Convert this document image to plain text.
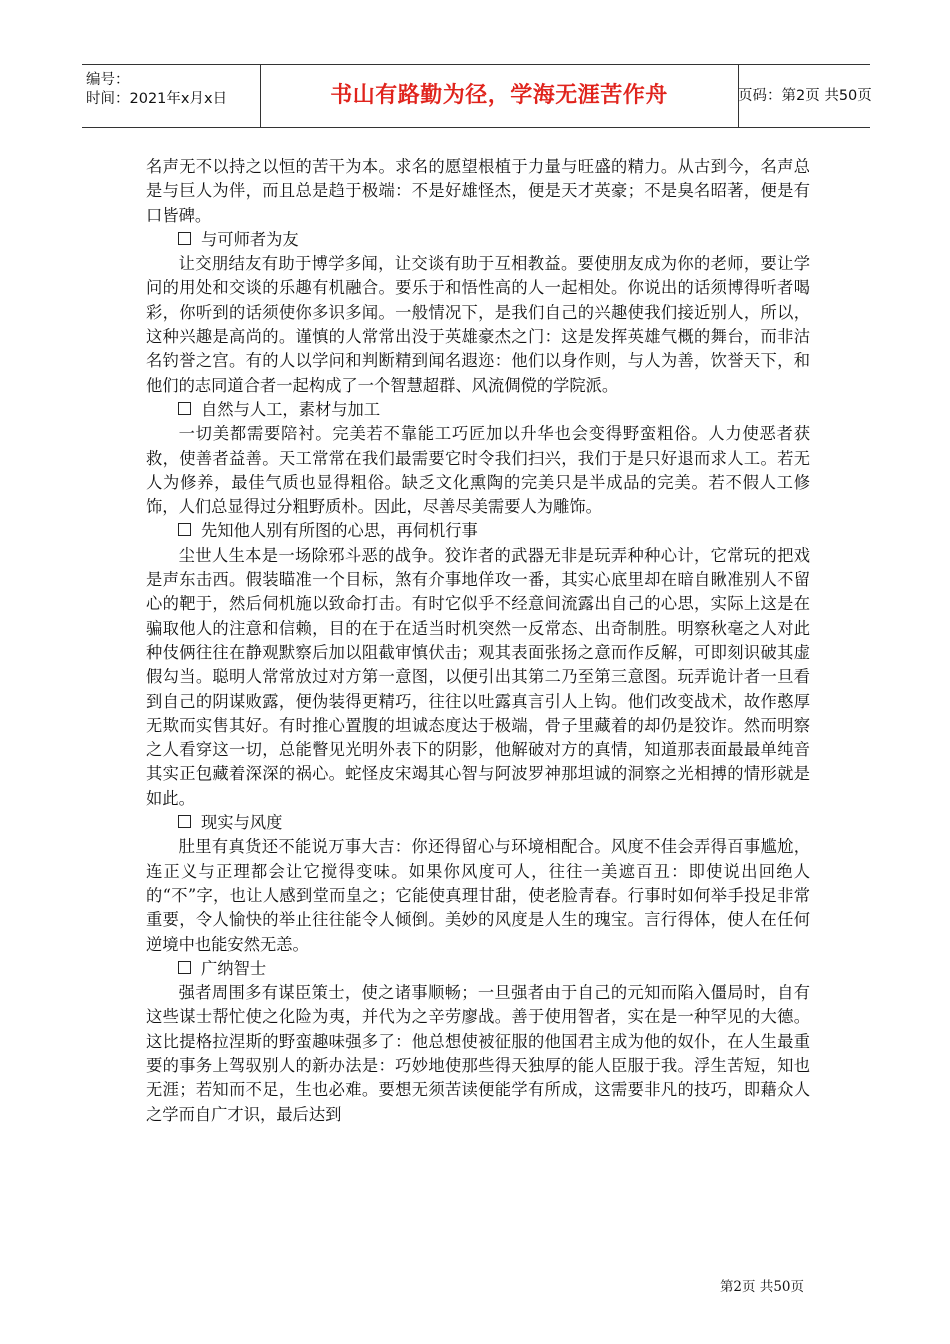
编号：
时间：2021年x月x日	书山有路勤为径，学海无涯苦作舟	页码：第2页 共50页

名声无不以持之以恒的苦干为本。求名的愿望根植于力量与旺盛的精力。从古到今，名声总是与巨人为伴，而且总是趋于极端：不是好雄怪杰，便是天才英豪；不是臭名昭著，便是有口皆碑。

与可师者为友

让交朋结友有助于博学多闻，让交谈有助于互相教益。要使朋友成为你的老师，要让学问的用处和交谈的乐趣有机融合。要乐于和悟性高的人一起相处。你说出的话须博得听者喝彩，你听到的话须使你多识多闻。一般情况下，是我们自己的兴趣使我们接近别人，所以，这种兴趣是高尚的。谨慎的人常常出没于英雄豪杰之门：这是发挥英雄气概的舞台，而非沽名钓誉之宫。有的人以学问和判断精到闻名遐迩：他们以身作则，与人为善，饮誉天下，和他们的志同道合者一起构成了一个智慧超群、风流倜傥的学院派。

自然与人工，素材与加工

一切美都需要陪衬。完美若不靠能工巧匠加以升华也会变得野蛮粗俗。人力使恶者获救，使善者益善。天工常常在我们最需要它时令我们扫兴，我们于是只好退而求人工。若无人为修养，最佳气质也显得粗俗。缺乏文化熏陶的完美只是半成品的完美。若不假人工修饰，人们总显得过分粗野质朴。因此，尽善尽美需要人为雕饰。

先知他人别有所图的心思，再伺机行事

尘世人生本是一场除邪斗恶的战争。狡诈者的武器无非是玩弄种种心计，它常玩的把戏是声东击西。假装瞄准一个目标，煞有介事地佯攻一番，其实心底里却在暗自瞅准别人不留心的靶于，然后伺机施以致命打击。有时它似乎不经意间流露出自己的心思，实际上这是在骗取他人的注意和信赖，目的在于在适当时机突然一反常态、出奇制胜。明察秋毫之人对此种伎俩往往在静观默察后加以阻截审慎伏击；观其表面张扬之意而作反解，可即刻识破其虚假勾当。聪明人常常放过对方第一意图，以便引出其第二乃至第三意图。玩弄诡计者一旦看到自己的阴谋败露，便伪装得更精巧，往往以吐露真言引人上钩。他们改变战术，故作憨厚无欺而实售其好。有时推心置腹的坦诚态度达于极端，骨子里藏着的却仍是狡诈。然而明察之人看穿这一切，总能瞥见光明外表下的阴影，他解破对方的真情，知道那表面最最单纯音其实正包藏着深深的祸心。蛇怪皮宋竭其心智与阿波罗神那坦诚的洞察之光相搏的情形就是如此。

现实与风度

肚里有真货还不能说万事大吉：你还得留心与环境相配合。风度不佳会弄得百事尴尬，连正义与正理都会让它搅得变味。如果你风度可人，往往一美遮百丑：即使说出回绝人的“不”字，也让人感到堂而皇之；它能使真理甘甜，使老脸青春。行事时如何举手投足非常重要，令人愉快的举止往往能令人倾倒。美妙的风度是人生的瑰宝。言行得体，使人在任何逆境中也能安然无恙。

广纳智士

强者周围多有谋臣策士，使之诸事顺畅；一旦强者由于自己的元知而陷入僵局时，自有这些谋士帮忙使之化险为夷，并代为之辛劳廖战。善于使用智者，实在是一种罕见的大德。这比提格拉涅斯的野蛮趣味强多了：他总想使被征服的他国君主成为他的奴仆，在人生最重要的事务上驾驭别人的新办法是：巧妙地使那些得天独厚的能人臣服于我。浮生苦短，知也无涯；若知而不足，生也必难。要想无须苦读便能学有所成，这需要非凡的技巧，即藉众人之学而自广才识，最后达到

第2页 共50页
